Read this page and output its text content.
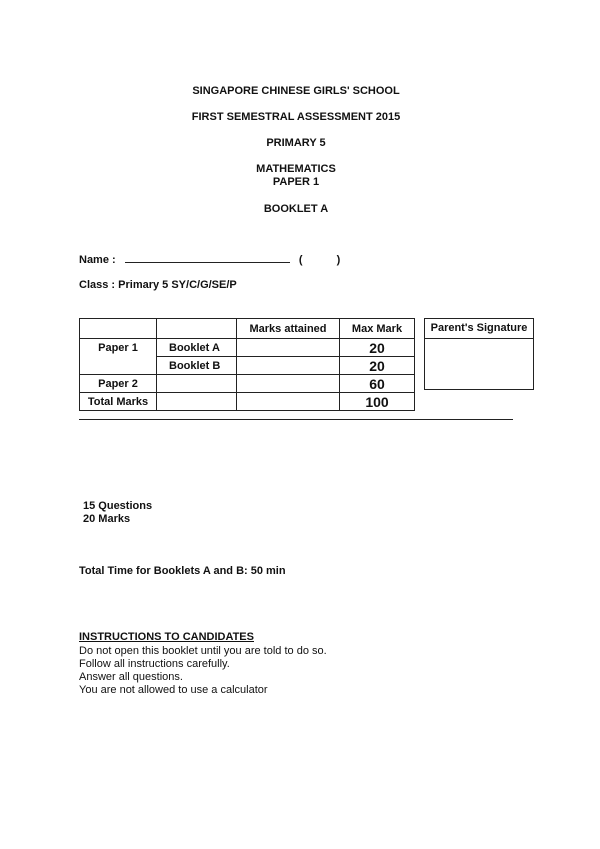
SINGAPORE CHINESE GIRLS' SCHOOL
FIRST SEMESTRAL ASSESSMENT 2015
PRIMARY 5
MATHEMATICS
PAPER 1
BOOKLET A
Name :	(	)
Class : Primary 5 SY/C/G/SE/P
		Marks attained	Max Mark
Paper 1	Booklet A		20
	Booklet B		20
Paper 2			60
Total Marks			100
Parent's Signature
15 Questions
20 Marks
Total Time for Booklets A and B: 50 min
INSTRUCTIONS TO CANDIDATES
Do not open this booklet until you are told to do so.
Follow all instructions carefully.
Answer all questions.
You are not allowed to use a calculator
